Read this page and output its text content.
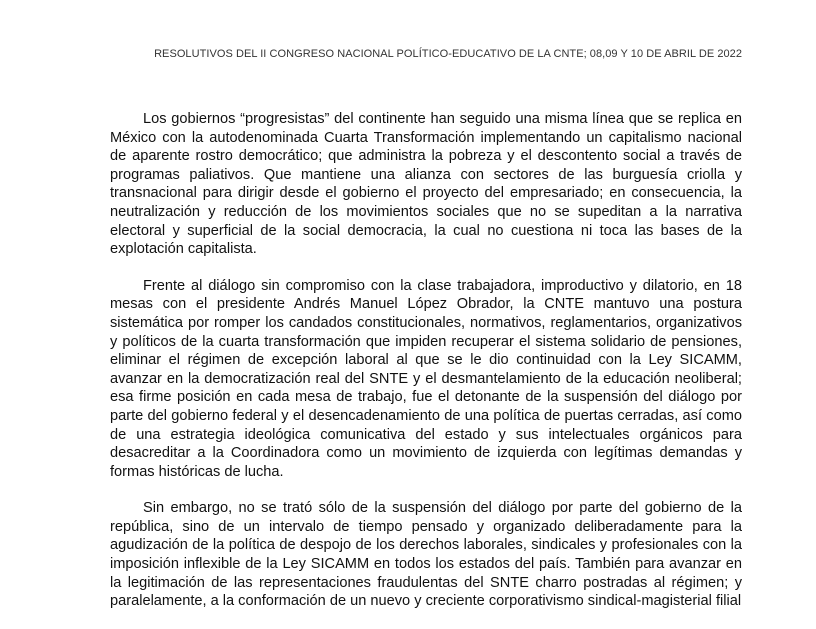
RESOLUTIVOS DEL II CONGRESO NACIONAL POLÍTICO-EDUCATIVO DE LA CNTE; 08,09 Y 10 DE ABRIL DE 2022

Los gobiernos “progresistas” del continente han seguido una misma línea que se replica en México con la autodenominada Cuarta Transformación implementando un capitalismo nacional de aparente rostro democrático; que administra la pobreza y el descontento social a través de programas paliativos. Que mantiene una alianza con sectores de las burguesía criolla y transnacional para dirigir desde el gobierno el proyecto del empresariado; en consecuencia, la neutralización y reducción de los movimientos sociales que no se supeditan a la narrativa electoral y superficial de la social democracia, la cual no cuestiona ni toca las bases de la explotación capitalista.

Frente al diálogo sin compromiso con la clase trabajadora, improductivo y dilatorio, en 18 mesas con el presidente Andrés Manuel López Obrador, la CNTE mantuvo una postura sistemática por romper los candados constitucionales, normativos, reglamentarios, organizativos y políticos de la cuarta transformación que impiden recuperar el sistema solidario de pensiones, eliminar el régimen de excepción laboral al que se le dio continuidad con la Ley SICAMM, avanzar en la democratización real del SNTE y el desmantelamiento de la educación neoliberal; esa firme posición en cada mesa de trabajo, fue el detonante de la suspensión del diálogo por parte del gobierno federal y el desencadenamiento de una política de puertas cerradas, así como de una estrategia ideológica comunicativa del estado y sus intelectuales orgánicos para desacreditar a la Coordinadora como un movimiento de izquierda con legítimas demandas y formas históricas de lucha.

Sin embargo, no se trató sólo de la suspensión del diálogo por parte del gobierno de la república, sino de un intervalo de tiempo pensado y organizado deliberadamente para la agudización de la política de despojo de los derechos laborales, sindicales y profesionales con la imposición inflexible de la Ley SICAMM en todos los estados del país. También para avanzar en la legitimación de las representaciones fraudulentas del SNTE charro postradas al régimen; y paralelamente, a la conformación de un nuevo y creciente corporativismo sindical-magisterial filial
